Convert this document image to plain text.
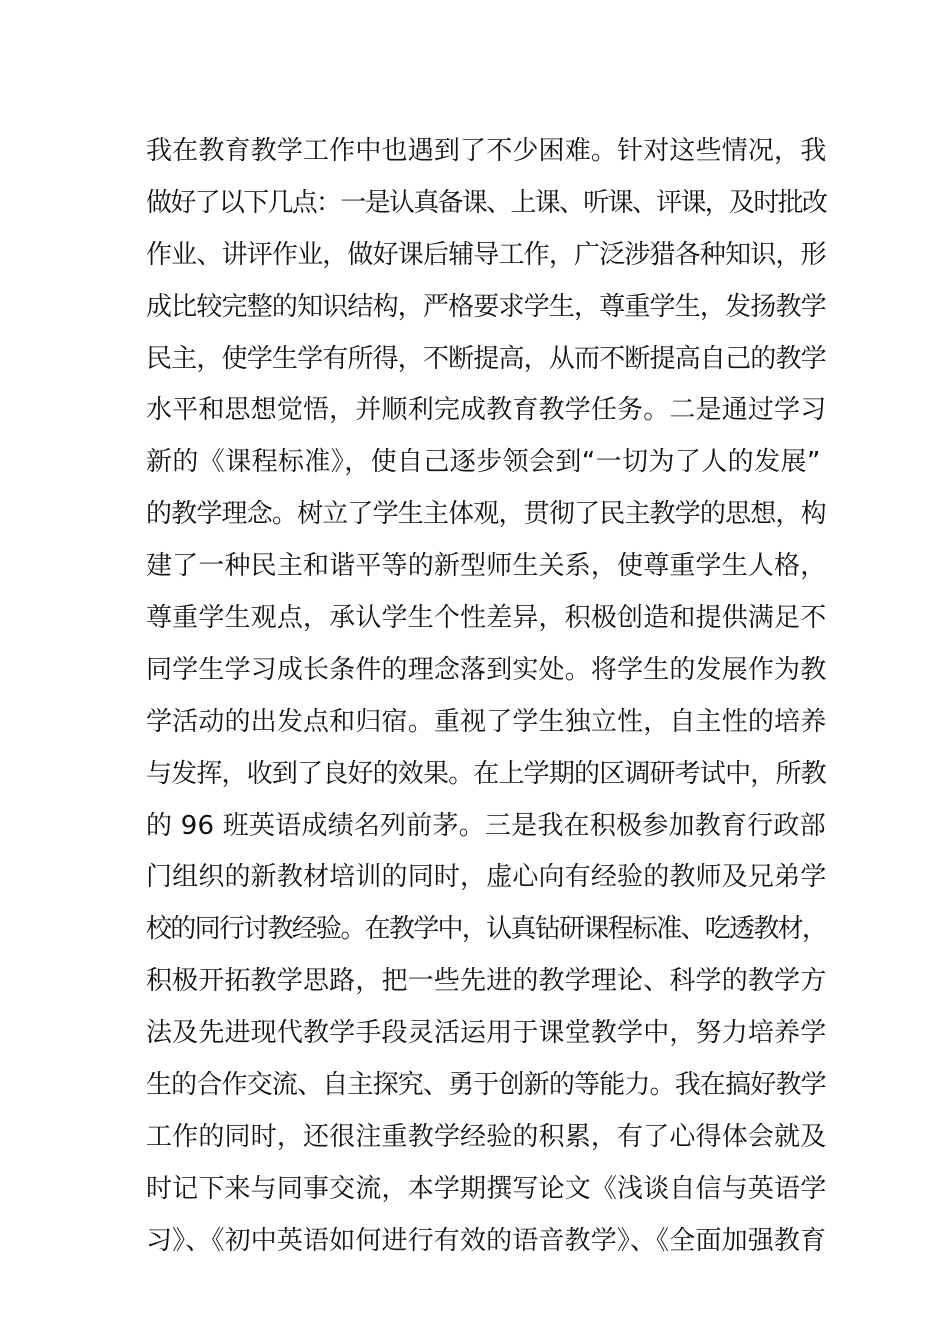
我在教育教学工作中也遇到了不少困难。针对这些情况，我
做好了以下几点：一是认真备课、上课、听课、评课，及时批改
作业、讲评作业，做好课后辅导工作，广泛涉猎各种知识，形
成比较完整的知识结构，严格要求学生，尊重学生，发扬教学
民主，使学生学有所得，不断提高，从而不断提高自己的教学
水平和思想觉悟，并顺利完成教育教学任务。二是通过学习
新的《课程标准》，使自己逐步领会到“一切为了人的发展”
的教学理念。树立了学生主体观，贯彻了民主教学的思想，构
建了一种民主和谐平等的新型师生关系，使尊重学生人格，
尊重学生观点，承认学生个性差异，积极创造和提供满足不
同学生学习成长条件的理念落到实处。将学生的发展作为教
学活动的出发点和归宿。重视了学生独立性，自主性的培养
与发挥，收到了良好的效果。在上学期的区调研考试中，所教
的 96 班英语成绩名列前茅。三是我在积极参加教育行政部
门组织的新教材培训的同时，虚心向有经验的教师及兄弟学
校的同行讨教经验。在教学中，认真钻研课程标准、吃透教材，
积极开拓教学思路，把一些先进的教学理论、科学的教学方
法及先进现代教学手段灵活运用于课堂教学中，努力培养学
生的合作交流、自主探究、勇于创新的等能力。我在搞好教学
工作的同时，还很注重教学经验的积累，有了心得体会就及
时记下来与同事交流，本学期撰写论文《浅谈自信与英语学
习》、《初中英语如何进行有效的语音教学》、《全面加强教育
